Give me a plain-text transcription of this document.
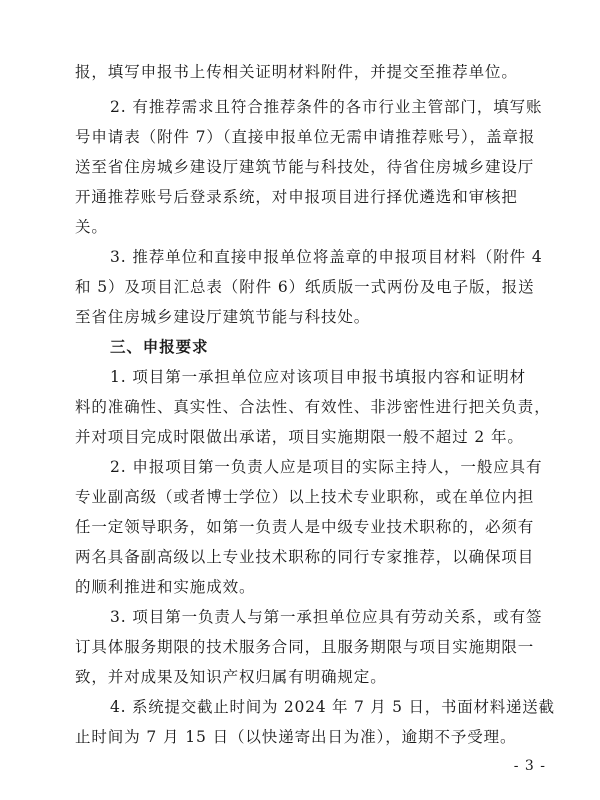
报，填写申报书上传相关证明材料附件，并提交至推荐单位。
2. 有推荐需求且符合推荐条件的各市行业主管部门，填写账
号申请表（附件 7）（直接申报单位无需申请推荐账号），盖章报
送至省住房城乡建设厅建筑节能与科技处，待省住房城乡建设厅
开通推荐账号后登录系统，对申报项目进行择优遴选和审核把
关。
3. 推荐单位和直接申报单位将盖章的申报项目材料（附件 4
和 5）及项目汇总表（附件 6）纸质版一式两份及电子版，报送
至省住房城乡建设厅建筑节能与科技处。
三、申报要求
1. 项目第一承担单位应对该项目申报书填报内容和证明材
料的准确性、真实性、合法性、有效性、非涉密性进行把关负责，
并对项目完成时限做出承诺，项目实施期限一般不超过 2 年。
2. 申报项目第一负责人应是项目的实际主持人，一般应具有
专业副高级（或者博士学位）以上技术专业职称，或在单位内担
任一定领导职务，如第一负责人是中级专业技术职称的，必须有
两名具备副高级以上专业技术职称的同行专家推荐，以确保项目
的顺利推进和实施成效。
3. 项目第一负责人与第一承担单位应具有劳动关系，或有签
订具体服务期限的技术服务合同，且服务期限与项目实施期限一
致，并对成果及知识产权归属有明确规定。
4. 系统提交截止时间为 2024 年 7 月 5 日，书面材料递送截
止时间为 7 月 15 日（以快递寄出日为准），逾期不予受理。
- 3 -
